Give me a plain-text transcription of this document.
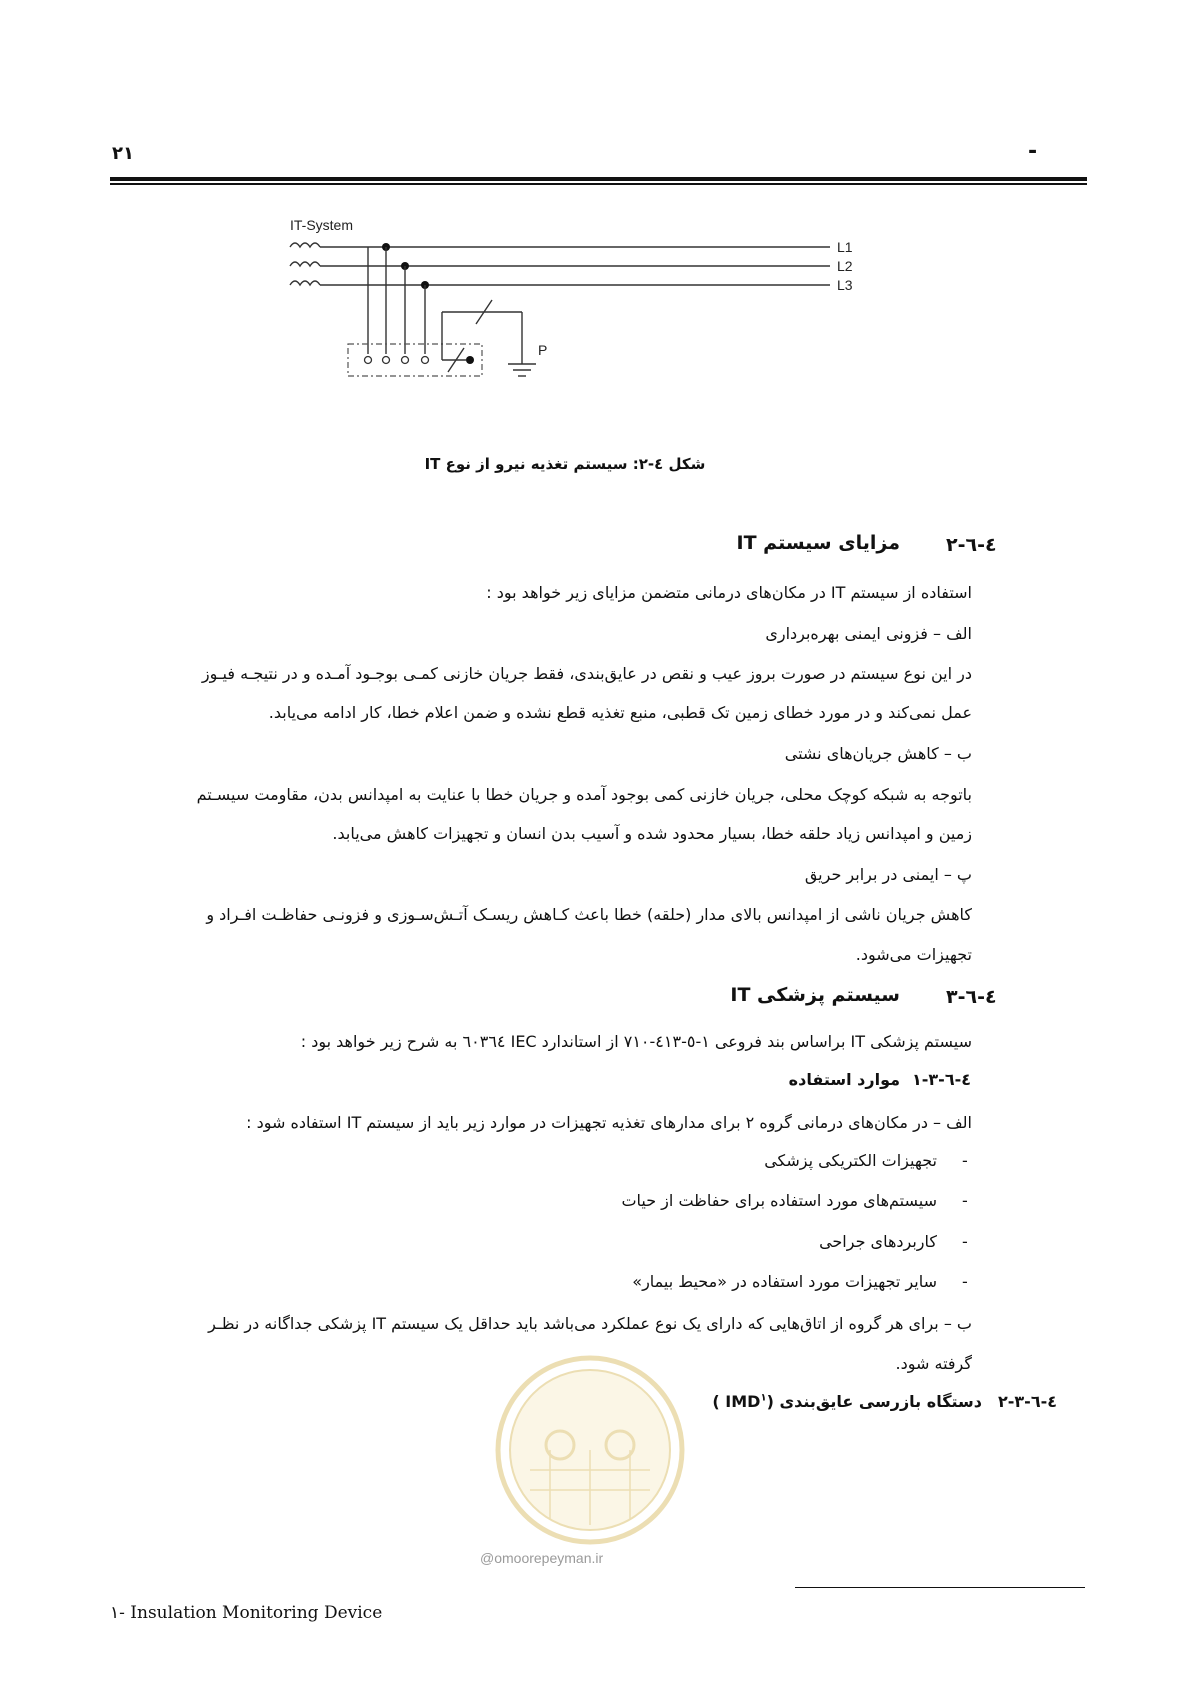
٢١	-
IT-System
L1
L2
L3
P
شکل ٤-٢: سیستم تغذیه نیرو از نوع IT
٤-٦-٢
مزایای سیستم IT
استفاده از سیستم IT در مکان‌های درمانی متضمن مزایای زیر خواهد بود :
الف – فزونی ایمنی بهره‌برداری
در این نوع سیستم در صورت بروز عیب و نقص در عایق‌بندی، فقط جریان خازنی کمـی بوجـود آمـده و در نتیجـه فیـوز
عمل نمی‌کند و در مورد خطای زمین تک قطبی، منبع تغذیه قطع نشده و ضمن اعلام خطا، کار ادامه می‌یابد.
ب – کاهش جریان‌های نشتی
باتوجه به شبکه کوچک محلی، جریان خازنی کمی بوجود آمده و جریان خطا با عنایت به امپدانس بدن، مقاومت سیسـتم
زمین و امپدانس زیاد حلقه خطا، بسیار محدود شده و آسیب بدن انسان و تجهیزات کاهش می‌یابد.
پ – ایمنی در برابر حریق
کاهش جریان ناشی از امپدانس بالای مدار (حلقه) خطا باعث کـاهش ریسـک آتـش‌سـوزی و فزونـی حفاظـت افـراد و
تجهیزات می‌شود.
٤-٦-٣
سیستم پزشکی IT
سیستم پزشکی IT براساس بند فروعی ١-٥-٤١٣-٧١٠ از استاندارد IEC ٦٠٣٦٤ به شرح زیر خواهد بود :
٤-٦-٣-١
موارد استفاده
الف – در مکان‌های درمانی گروه ٢ برای مدارهای تغذیه تجهیزات در موارد زیر باید از سیستم IT استفاده شود :
-
تجهیزات الکتریکی پزشکی
-
سیستم‌های مورد استفاده برای حفاظت از حیات
-
کاربردهای جراحی
-
سایر تجهیزات مورد استفاده در «محیط بیمار»
ب – برای هر گروه از اتاق‌هایی که دارای یک نوع عملکرد می‌باشد باید حداقل یک سیستم IT پزشکی جداگانه در نظـر
گرفته شود.
٤-٦-٣-٢
دستگاه بازرسی عایق‌بندی (IMD$^١$ )
@omoorepeyman.ir
١- Insulation Monitoring Device
